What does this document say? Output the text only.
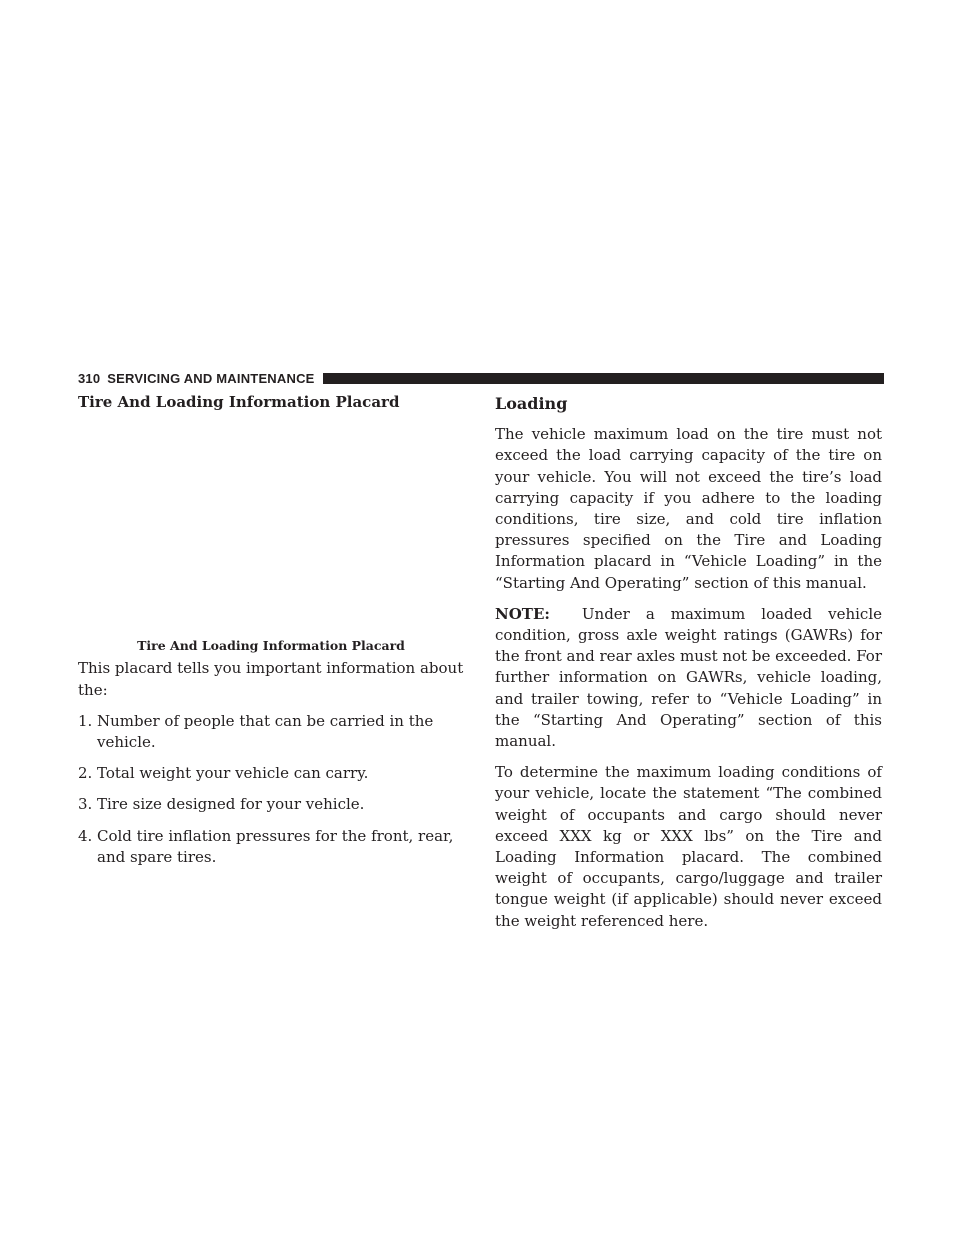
310 SERVICING AND MAINTENANCE

Tire And Loading Information Placard

Tire And Loading Information Placard

This placard tells you important information about the:

1. Number of people that can be carried in the vehicle.
2. Total weight your vehicle can carry.
3. Tire size designed for your vehicle.
4. Cold tire inflation pressures for the front, rear, and spare tires.

Loading

The vehicle maximum load on the tire must not exceed the load carrying capacity of the tire on your vehicle. You will not exceed the tire’s load carrying capacity if you adhere to the loading conditions, tire size, and cold tire inflation pressures specified on the Tire and Loading Information placard in “Vehicle Loading” in the “Starting And Operating” section of this manual.

NOTE: Under a maximum loaded vehicle condition, gross axle weight ratings (GAWRs) for the front and rear axles must not be exceeded. For further information on GAWRs, vehicle loading, and trailer towing, refer to “Vehicle Loading” in the “Starting And Operating” section of this manual.

To determine the maximum loading conditions of your vehicle, locate the statement “The combined weight of occupants and cargo should never exceed XXX kg or XXX lbs” on the Tire and Loading Information placard. The combined weight of occupants, cargo/luggage and trailer tongue weight (if applicable) should never exceed the weight referenced here.
